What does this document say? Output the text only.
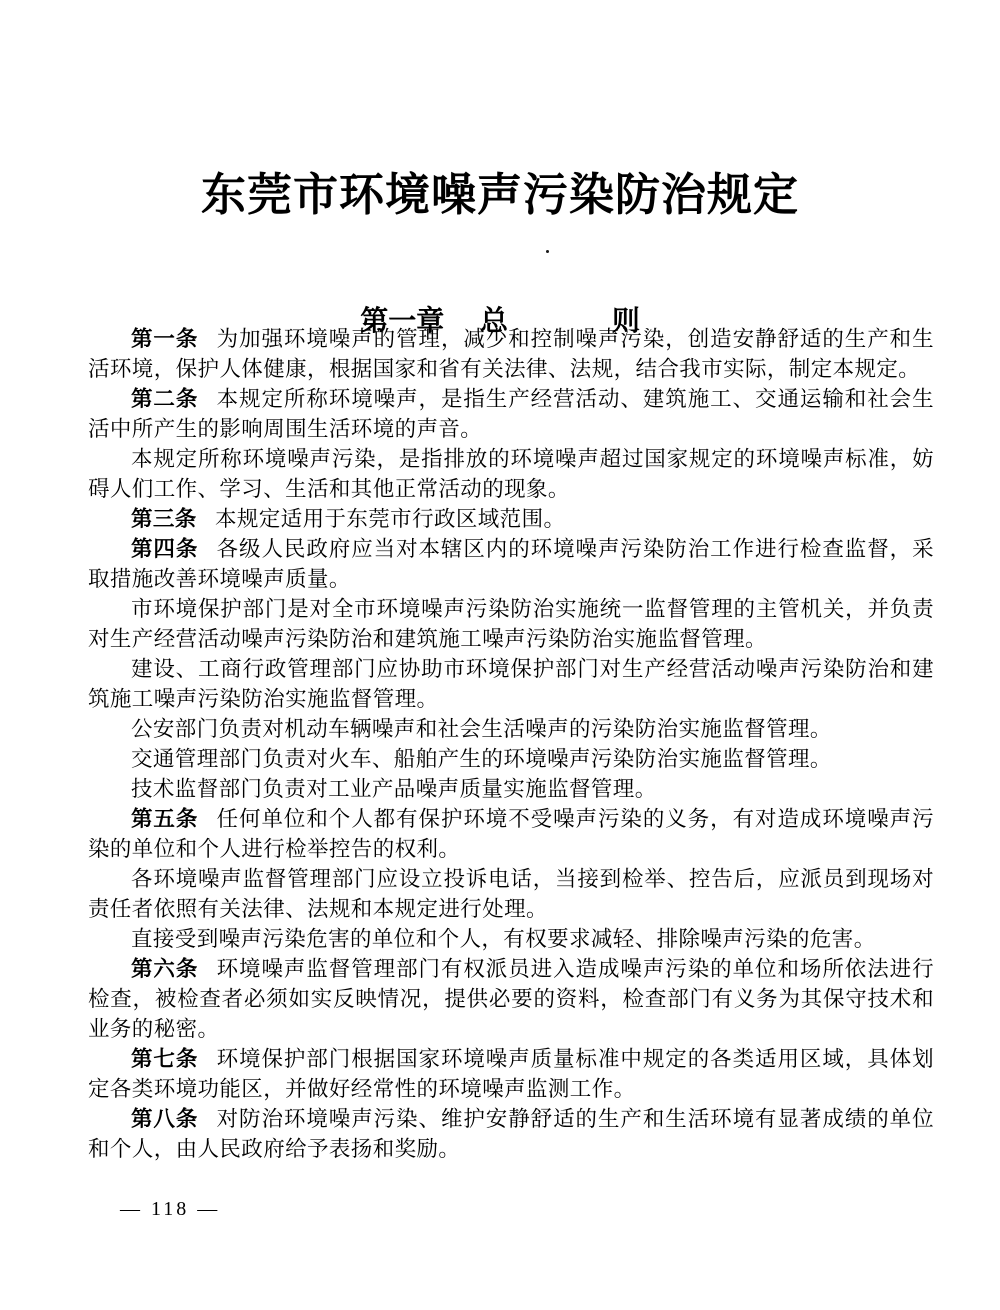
东莞市环境噪声污染防治规定
第一章 总	则

第一条 为加强环境噪声的管理，减少和控制噪声污染，创造安静舒适的生产和生活环境，保护人体健康，根据国家和省有关法律、法规，结合我市实际，制定本规定。

第二条 本规定所称环境噪声，是指生产经营活动、建筑施工、交通运输和社会生活中所产生的影响周围生活环境的声音。

本规定所称环境噪声污染，是指排放的环境噪声超过国家规定的环境噪声标准，妨碍人们工作、学习、生活和其他正常活动的现象。

第三条 本规定适用于东莞市行政区域范围。

第四条 各级人民政府应当对本辖区内的环境噪声污染防治工作进行检查监督，采取措施改善环境噪声质量。

市环境保护部门是对全市环境噪声污染防治实施统一监督管理的主管机关，并负责对生产经营活动噪声污染防治和建筑施工噪声污染防治实施监督管理。

建设、工商行政管理部门应协助市环境保护部门对生产经营活动噪声污染防治和建筑施工噪声污染防治实施监督管理。

公安部门负责对机动车辆噪声和社会生活噪声的污染防治实施监督管理。

交通管理部门负责对火车、船舶产生的环境噪声污染防治实施监督管理。

技术监督部门负责对工业产品噪声质量实施监督管理。

第五条 任何单位和个人都有保护环境不受噪声污染的义务，有对造成环境噪声污染的单位和个人进行检举控告的权利。

各环境噪声监督管理部门应设立投诉电话，当接到检举、控告后，应派员到现场对责任者依照有关法律、法规和本规定进行处理。

直接受到噪声污染危害的单位和个人，有权要求减轻、排除噪声污染的危害。

第六条 环境噪声监督管理部门有权派员进入造成噪声污染的单位和场所依法进行检查，被检查者必须如实反映情况，提供必要的资料，检查部门有义务为其保守技术和业务的秘密。

第七条 环境保护部门根据国家环境噪声质量标准中规定的各类适用区域，具体划定各类环境功能区，并做好经常性的环境噪声监测工作。

第八条 对防治环境噪声污染、维护安静舒适的生产和生活环境有显著成绩的单位和个人，由人民政府给予表扬和奖励。

— 118 —
